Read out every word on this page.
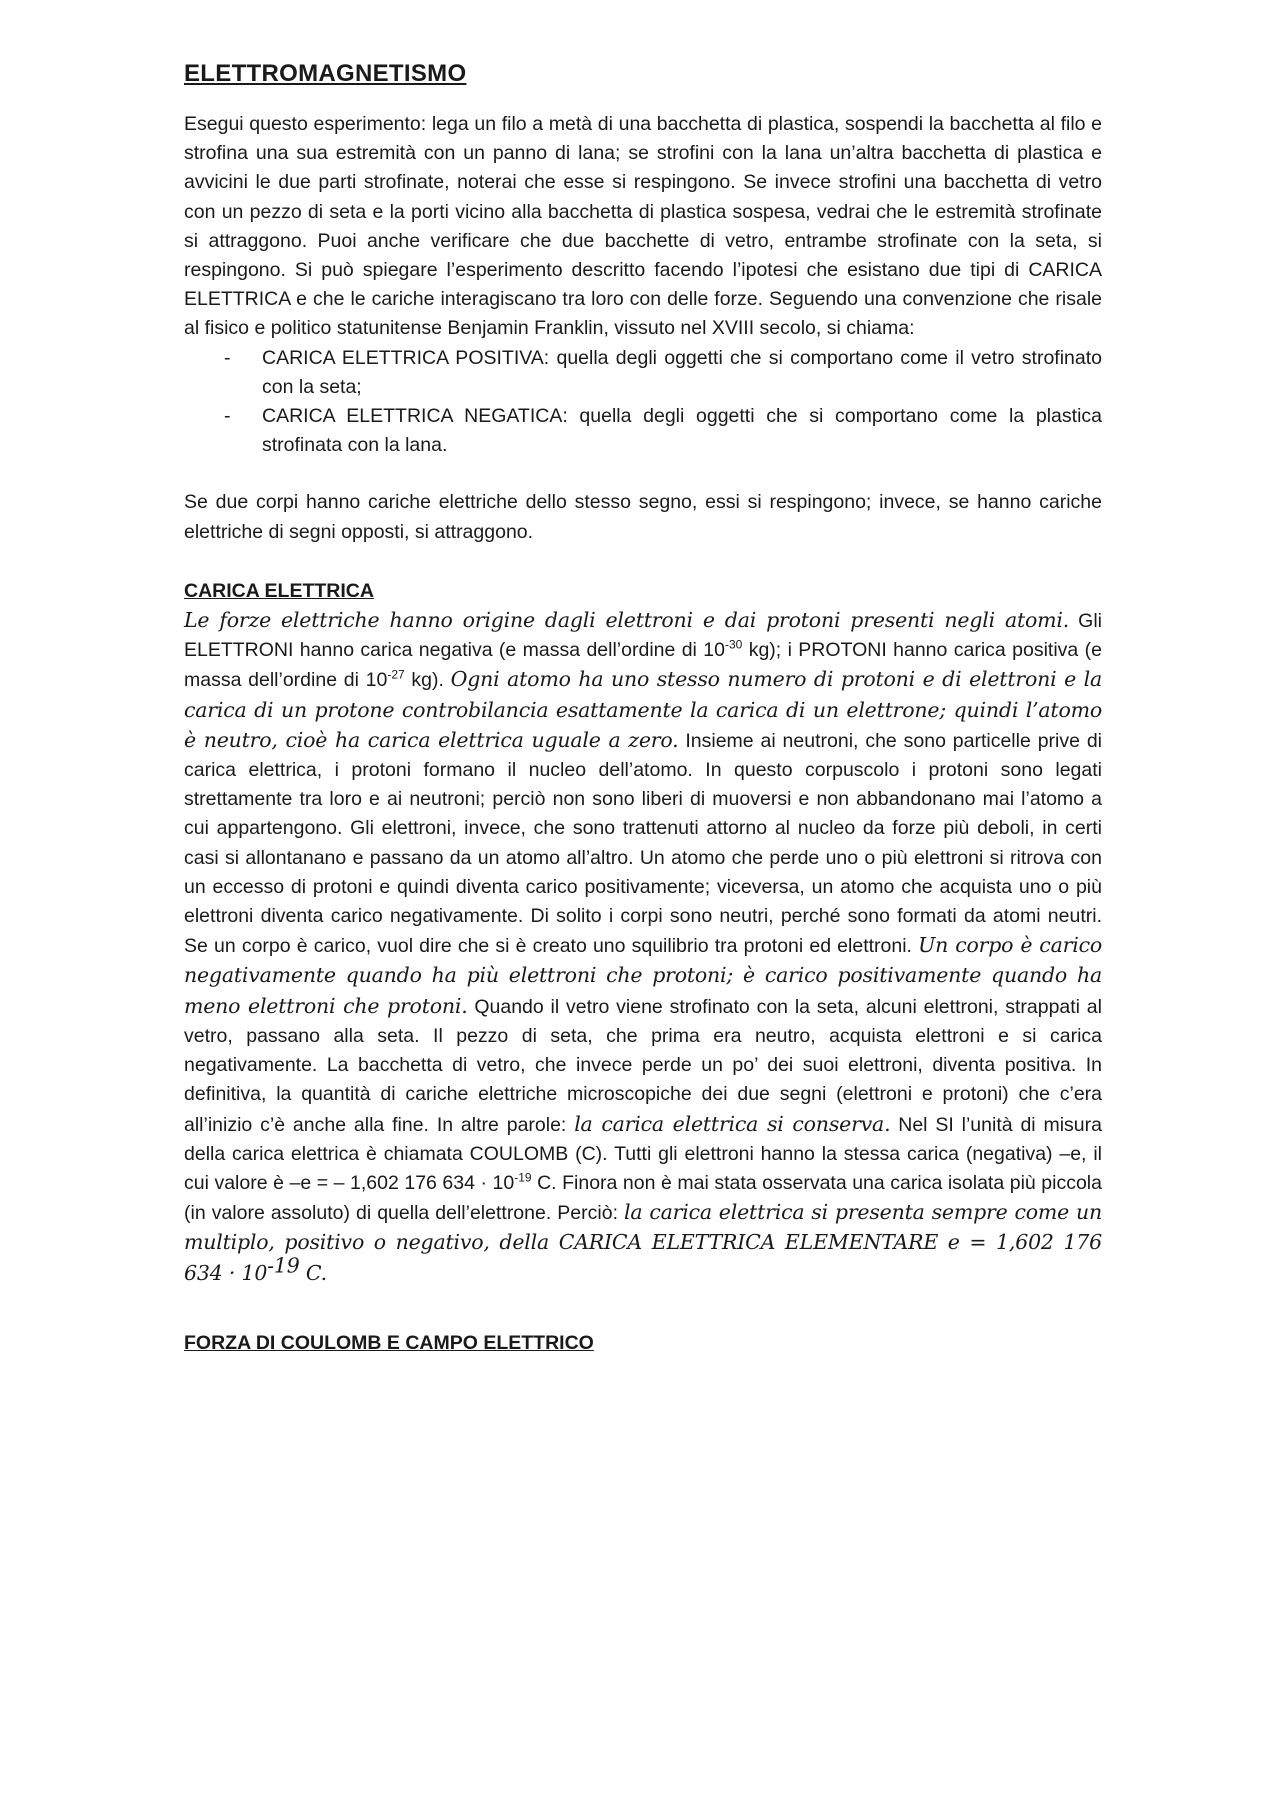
ELETTROMAGNETISMO

Esegui questo esperimento: lega un filo a metà di una bacchetta di plastica, sospendi la bacchetta al filo e strofina una sua estremità con un panno di lana; se strofini con la lana un’altra bacchetta di plastica e avvicini le due parti strofinate, noterai che esse si respingono. Se invece strofini una bacchetta di vetro con un pezzo di seta e la porti vicino alla bacchetta di plastica sospesa, vedrai che le estremità strofinate si attraggono. Puoi anche verificare che due bacchette di vetro, entrambe strofinate con la seta, si respingono. Si può spiegare l’esperimento descritto facendo l’ipotesi che esistano due tipi di CARICA ELETTRICA e che le cariche interagiscano tra loro con delle forze. Seguendo una convenzione che risale al fisico e politico statunitense Benjamin Franklin, vissuto nel XVIII secolo, si chiama:

- CARICA ELETTRICA POSITIVA: quella degli oggetti che si comportano come il vetro strofinato con la seta;
- CARICA ELETTRICA NEGATICA: quella degli oggetti che si comportano come la plastica strofinata con la lana.

Se due corpi hanno cariche elettriche dello stesso segno, essi si respingono; invece, se hanno cariche elettriche di segni opposti, si attraggono.

CARICA ELETTRICA

Le forze elettriche hanno origine dagli elettroni e dai protoni presenti negli atomi. Gli ELETTRONI hanno carica negativa (e massa dell’ordine di $10^{-30}$ kg); i PROTONI hanno carica positiva (e massa dell’ordine di $10^{-27}$ kg). Ogni atomo ha uno stesso numero di protoni e di elettroni e la carica di un protone controbilancia esattamente la carica di un elettrone; quindi l’atomo è neutro, cioè ha carica elettrica uguale a zero. Insieme ai neutroni, che sono particelle prive di carica elettrica, i protoni formano il nucleo dell’atomo. In questo corpuscolo i protoni sono legati strettamente tra loro e ai neutroni; perciò non sono liberi di muoversi e non abbandonano mai l’atomo a cui appartengono. Gli elettroni, invece, che sono trattenuti attorno al nucleo da forze più deboli, in certi casi si allontanano e passano da un atomo all’altro. Un atomo che perde uno o più elettroni si ritrova con un eccesso di protoni e quindi diventa carico positivamente; viceversa, un atomo che acquista uno o più elettroni diventa carico negativamente. Di solito i corpi sono neutri, perché sono formati da atomi neutri. Se un corpo è carico, vuol dire che si è creato uno squilibrio tra protoni ed elettroni. Un corpo è carico negativamente quando ha più elettroni che protoni; è carico positivamente quando ha meno elettroni che protoni. Quando il vetro viene strofinato con la seta, alcuni elettroni, strappati al vetro, passano alla seta. Il pezzo di seta, che prima era neutro, acquista elettroni e si carica negativamente. La bacchetta di vetro, che invece perde un po’ dei suoi elettroni, diventa positiva. In definitiva, la quantità di cariche elettriche microscopiche dei due segni (elettroni e protoni) che c’era all’inizio c’è anche alla fine. In altre parole: la carica elettrica si conserva. Nel SI l’unità di misura della carica elettrica è chiamata COULOMB (C). Tutti gli elettroni hanno la stessa carica (negativa) –e, il cui valore è –e = – 1,602 176 $634 \cdot 10^{-19}$ C. Finora non è mai stata osservata una carica isolata più piccola (in valore assoluto) di quella dell’elettrone. Perciò: la carica elettrica si presenta sempre come un multiplo, positivo o negativo, della CARICA ELETTRICA ELEMENTARE e = 1,602 176 $634 \cdot 10^{-19}$ C.

FORZA DI COULOMB E CAMPO ELETTRICO
